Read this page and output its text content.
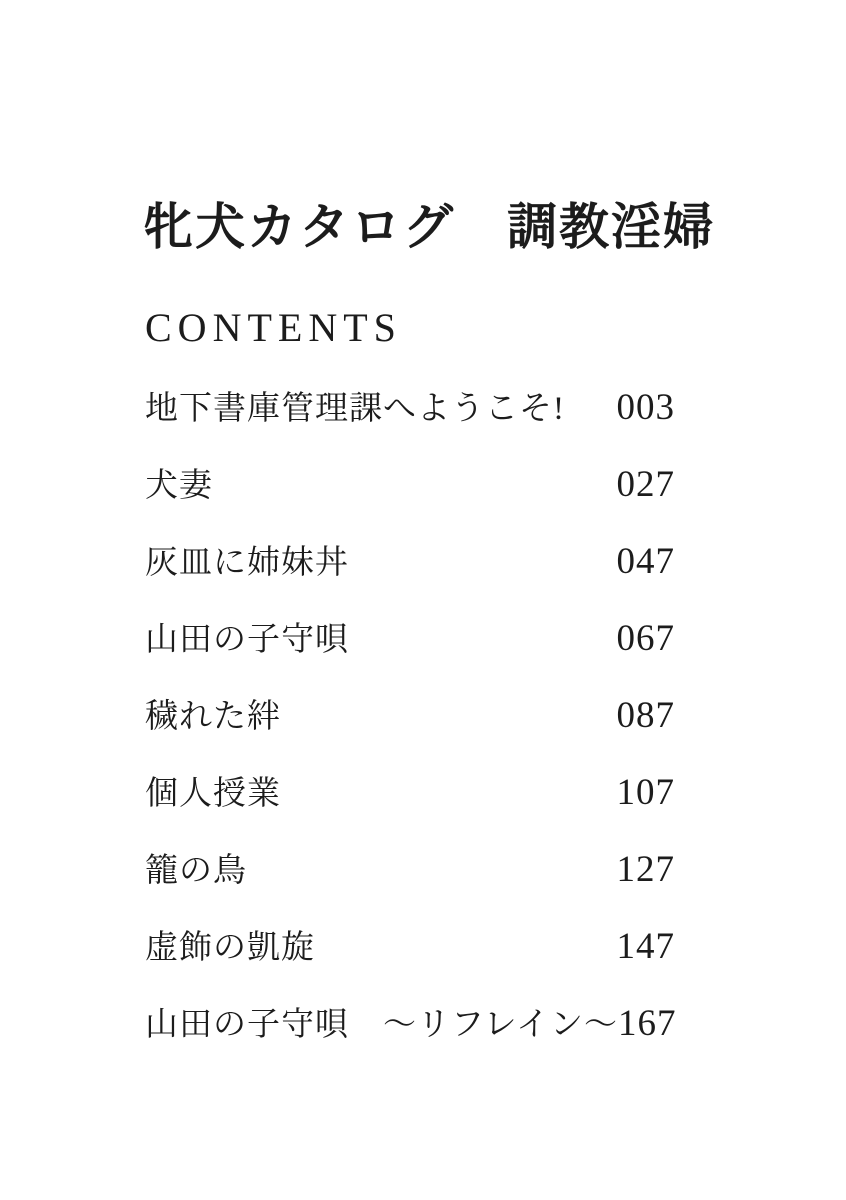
牝犬カタログ　調教淫婦
CONTENTS
地下書庫管理課へようこそ! 003
犬妻	027
灰皿に姉妹丼	047
山田の子守唄	067
穢れた絆	087
個人授業	107
籠の鳥	127
虚飾の凱旋	147
山田の子守唄　〜リフレイン〜 167
